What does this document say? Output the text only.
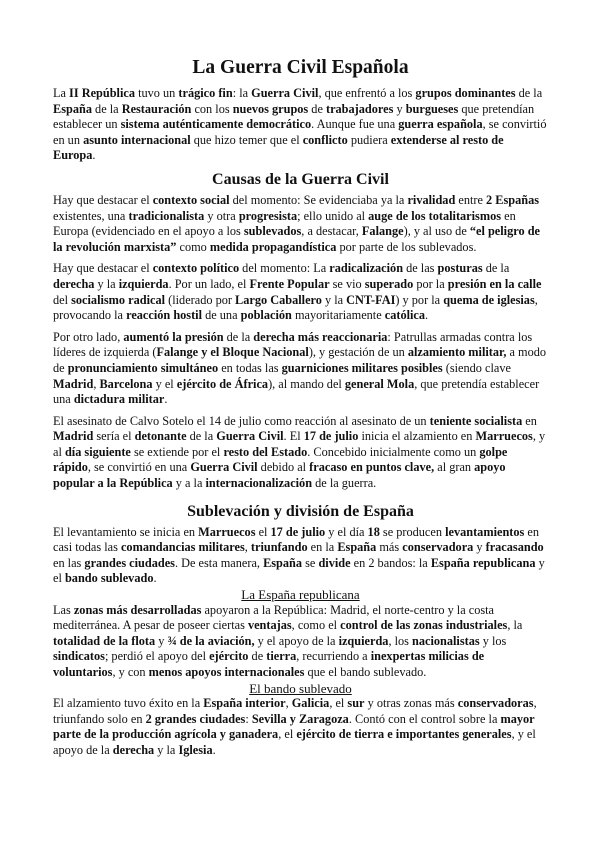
La Guerra Civil Española

La II República tuvo un trágico fin: la Guerra Civil, que enfrentó a los grupos dominantes de la España de la Restauración con los nuevos grupos de trabajadores y burgueses que pretendían establecer un sistema auténticamente democrático. Aunque fue una guerra española, se convirtió en un asunto internacional que hizo temer que el conflicto pudiera extenderse al resto de Europa.

Causas de la Guerra Civil

Hay que destacar el contexto social del momento: Se evidenciaba ya la rivalidad entre 2 Españas existentes, una tradicionalista y otra progresista; ello unido al auge de los totalitarismos en Europa (evidenciado en el apoyo a los sublevados, a destacar, Falange), y al uso de “el peligro de la revolución marxista” como medida propagandística por parte de los sublevados.

Hay que destacar el contexto político del momento: La radicalización de las posturas de la derecha y la izquierda. Por un lado, el Frente Popular se vio superado por la presión en la calle del socialismo radical (liderado por Largo Caballero y la CNT-FAI) y por la quema de iglesias, provocando la reacción hostil de una población mayoritariamente católica.

Por otro lado, aumentó la presión de la derecha más reaccionaria: Patrullas armadas contra los líderes de izquierda (Falange y el Bloque Nacional), y gestación de un alzamiento militar, a modo de pronunciamiento simultáneo en todas las guarniciones militares posibles (siendo clave Madrid, Barcelona y el ejército de África), al mando del general Mola, que pretendía establecer una dictadura militar.

El asesinato de Calvo Sotelo el 14 de julio como reacción al asesinato de un teniente socialista en Madrid sería el detonante de la Guerra Civil. El 17 de julio inicia el alzamiento en Marruecos, y al día siguiente se extiende por el resto del Estado. Concebido inicialmente como un golpe rápido, se convirtió en una Guerra Civil debido al fracaso en puntos clave, al gran apoyo popular a la República y a la internacionalización de la guerra.

Sublevación y división de España

El levantamiento se inicia en Marruecos el 17 de julio y el día 18 se producen levantamientos en casi todas las comandancias militares, triunfando en la España más conservadora y fracasando en las grandes ciudades. De esta manera, España se divide en 2 bandos: la España republicana y el bando sublevado.

La España republicana

Las zonas más desarrolladas apoyaron a la República: Madrid, el norte-centro y la costa mediterránea. A pesar de poseer ciertas ventajas, como el control de las zonas industriales, la totalidad de la flota y ¾ de la aviación, y el apoyo de la izquierda, los nacionalistas y los sindicatos; perdió el apoyo del ejército de tierra, recurriendo a inexpertas milicias de voluntarios, y con menos apoyos internacionales que el bando sublevado.

El bando sublevado

El alzamiento tuvo éxito en la España interior, Galicia, el sur y otras zonas más conservadoras, triunfando solo en 2 grandes ciudades: Sevilla y Zaragoza. Contó con el control sobre la mayor parte de la producción agrícola y ganadera, el ejército de tierra e importantes generales, y el apoyo de la derecha y la Iglesia.
